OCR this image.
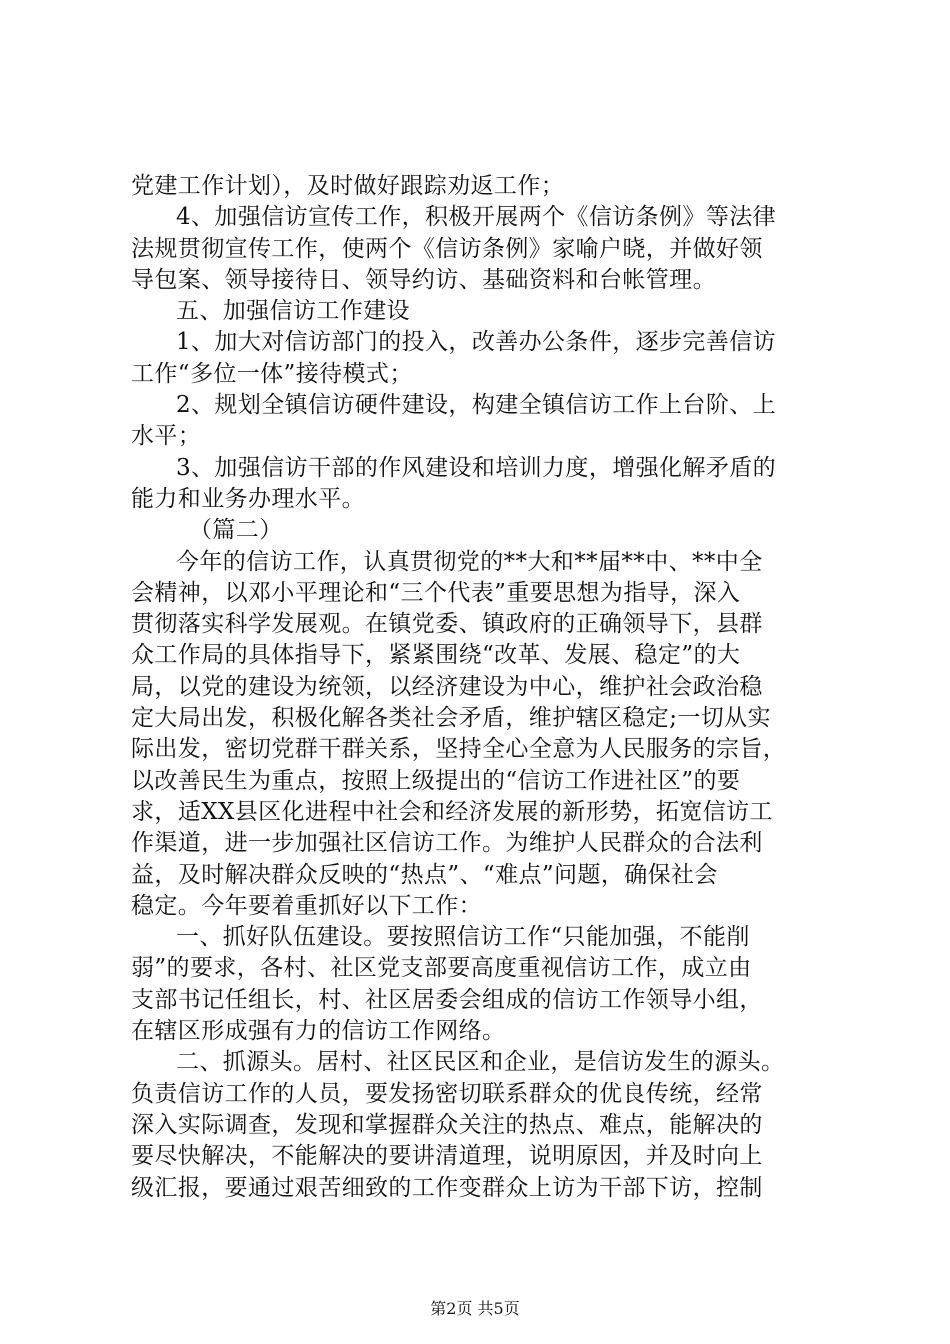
党建工作计划），及时做好跟踪劝返工作；
4、加强信访宣传工作，积极开展两个《信访条例》等法律
法规贯彻宣传工作，使两个《信访条例》家喻户晓，并做好领
导包案、领导接待日、领导约访、基础资料和台帐管理。
五、加强信访工作建设
1、加大对信访部门的投入，改善办公条件，逐步完善信访
工作“多位一体”接待模式；
2、规划全镇信访硬件建设，构建全镇信访工作上台阶、上
水平；
3、加强信访干部的作风建设和培训力度，增强化解矛盾的
能力和业务办理水平。
（篇二）
今年的信访工作，认真贯彻党的**大和**届**中、**中全
会精神，以邓小平理论和“三个代表”重要思想为指导，深入
贯彻落实科学发展观。在镇党委、镇政府的正确领导下，县群
众工作局的具体指导下，紧紧围绕“改革、发展、稳定”的大
局，以党的建设为统领，以经济建设为中心，维护社会政治稳
定大局出发，积极化解各类社会矛盾，维护辖区稳定;一切从实
际出发，密切党群干群关系，坚持全心全意为人民服务的宗旨，
以改善民生为重点，按照上级提出的“信访工作进社区”的要
求，适XX县区化进程中社会和经济发展的新形势，拓宽信访工
作渠道，进一步加强社区信访工作。为维护人民群众的合法利
益，及时解决群众反映的“热点”、“难点”问题，确保社会
稳定。今年要着重抓好以下工作：
一、抓好队伍建设。要按照信访工作“只能加强，不能削
弱”的要求，各村、社区党支部要高度重视信访工作，成立由
支部书记任组长，村、社区居委会组成的信访工作领导小组，
在辖区形成强有力的信访工作网络。
二、抓源头。居村、社区民区和企业，是信访发生的源头。
负责信访工作的人员，要发扬密切联系群众的优良传统，经常
深入实际调查，发现和掌握群众关注的热点、难点，能解决的
要尽快解决，不能解决的要讲清道理，说明原因，并及时向上
级汇报，要通过艰苦细致的工作变群众上访为干部下访，控制
第2页 共5页
